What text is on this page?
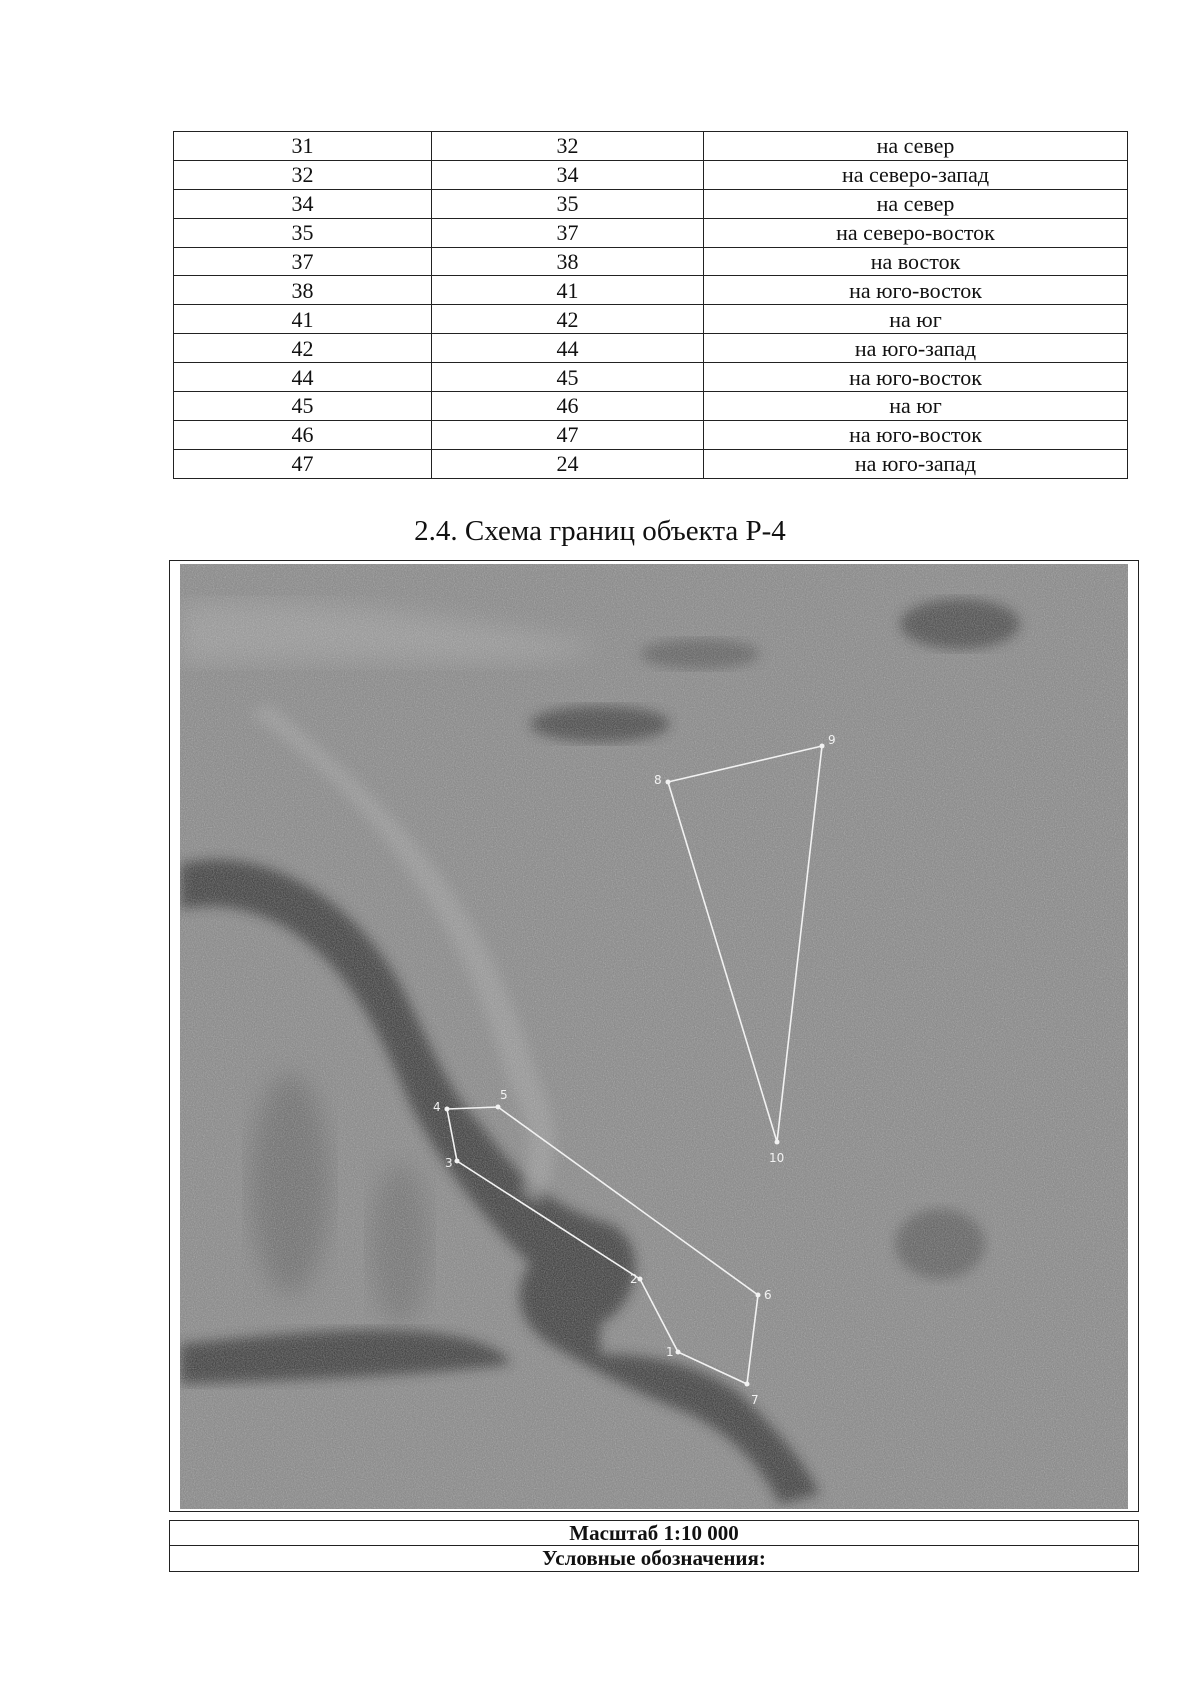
31	32	на север
32	34	на северо-запад
34	35	на север
35	37	на северо-восток
37	38	на восток
38	41	на юго-восток
41	42	на юг
42	44	на юго-запад
44	45	на юго-восток
45	46	на юг
46	47	на юго-восток
47	24	на юго-запад
2.4. Схема границ объекта Р-4
1
2
3
4
5
6
7
8
9
10
Масштаб 1:10 000
Условные обозначения:
